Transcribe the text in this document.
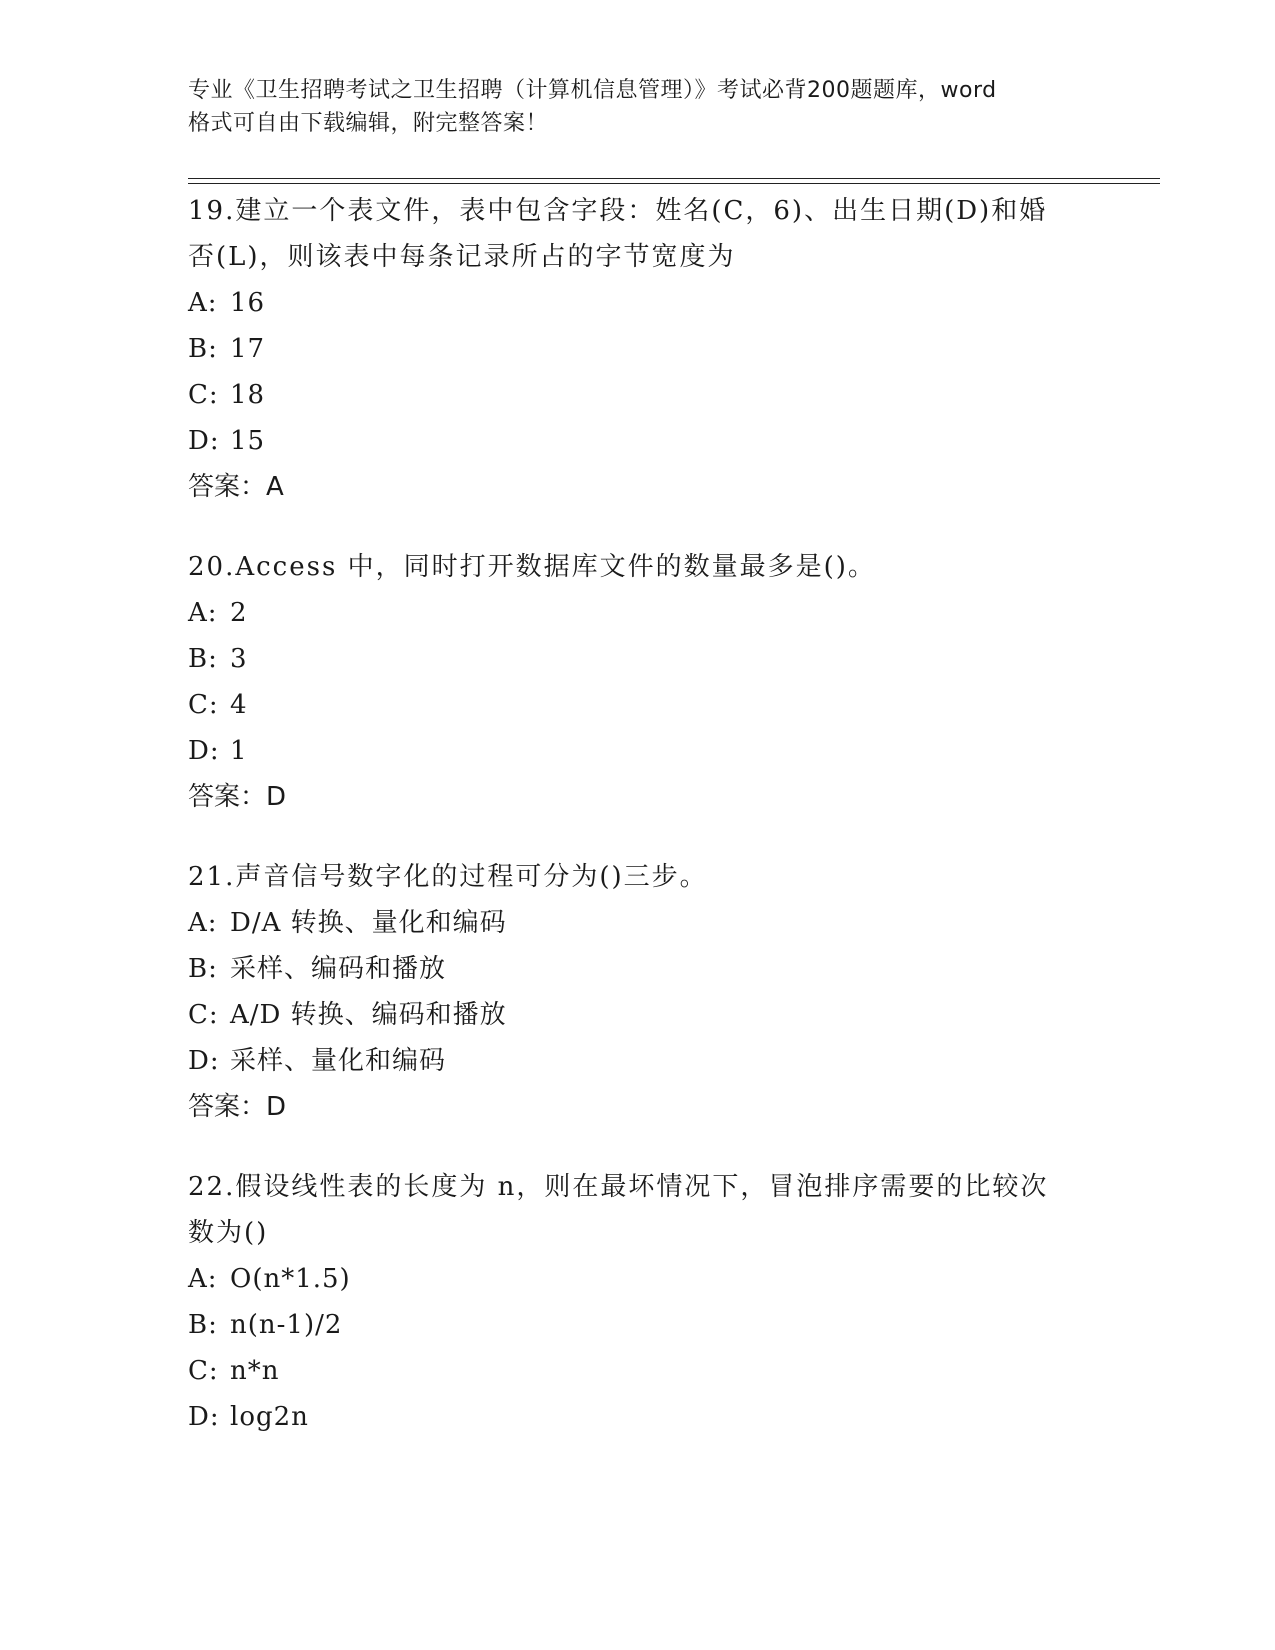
专业《卫生招聘考试之卫生招聘（计算机信息管理）》考试必背200题题库，word
格式可自由下载编辑，附完整答案！

19.建立一个表文件，表中包含字段：姓名(C，6)、出生日期(D)和婚

否(L)，则该表中每条记录所占的字节宽度为

A: 16

B: 17

C: 18

D: 15

答案：A

20.Access 中，同时打开数据库文件的数量最多是()。

A: 2

B: 3

C: 4

D: 1

答案：D

21.声音信号数字化的过程可分为()三步。

A: D/A 转换、量化和编码

B: 采样、编码和播放

C: A/D 转换、编码和播放

D: 采样、量化和编码

答案：D

22.假设线性表的长度为 n，则在最坏情况下，冒泡排序需要的比较次

数为()

A: O(n*1.5)

B: n(n-1)/2

C: n*n

D: log2n
